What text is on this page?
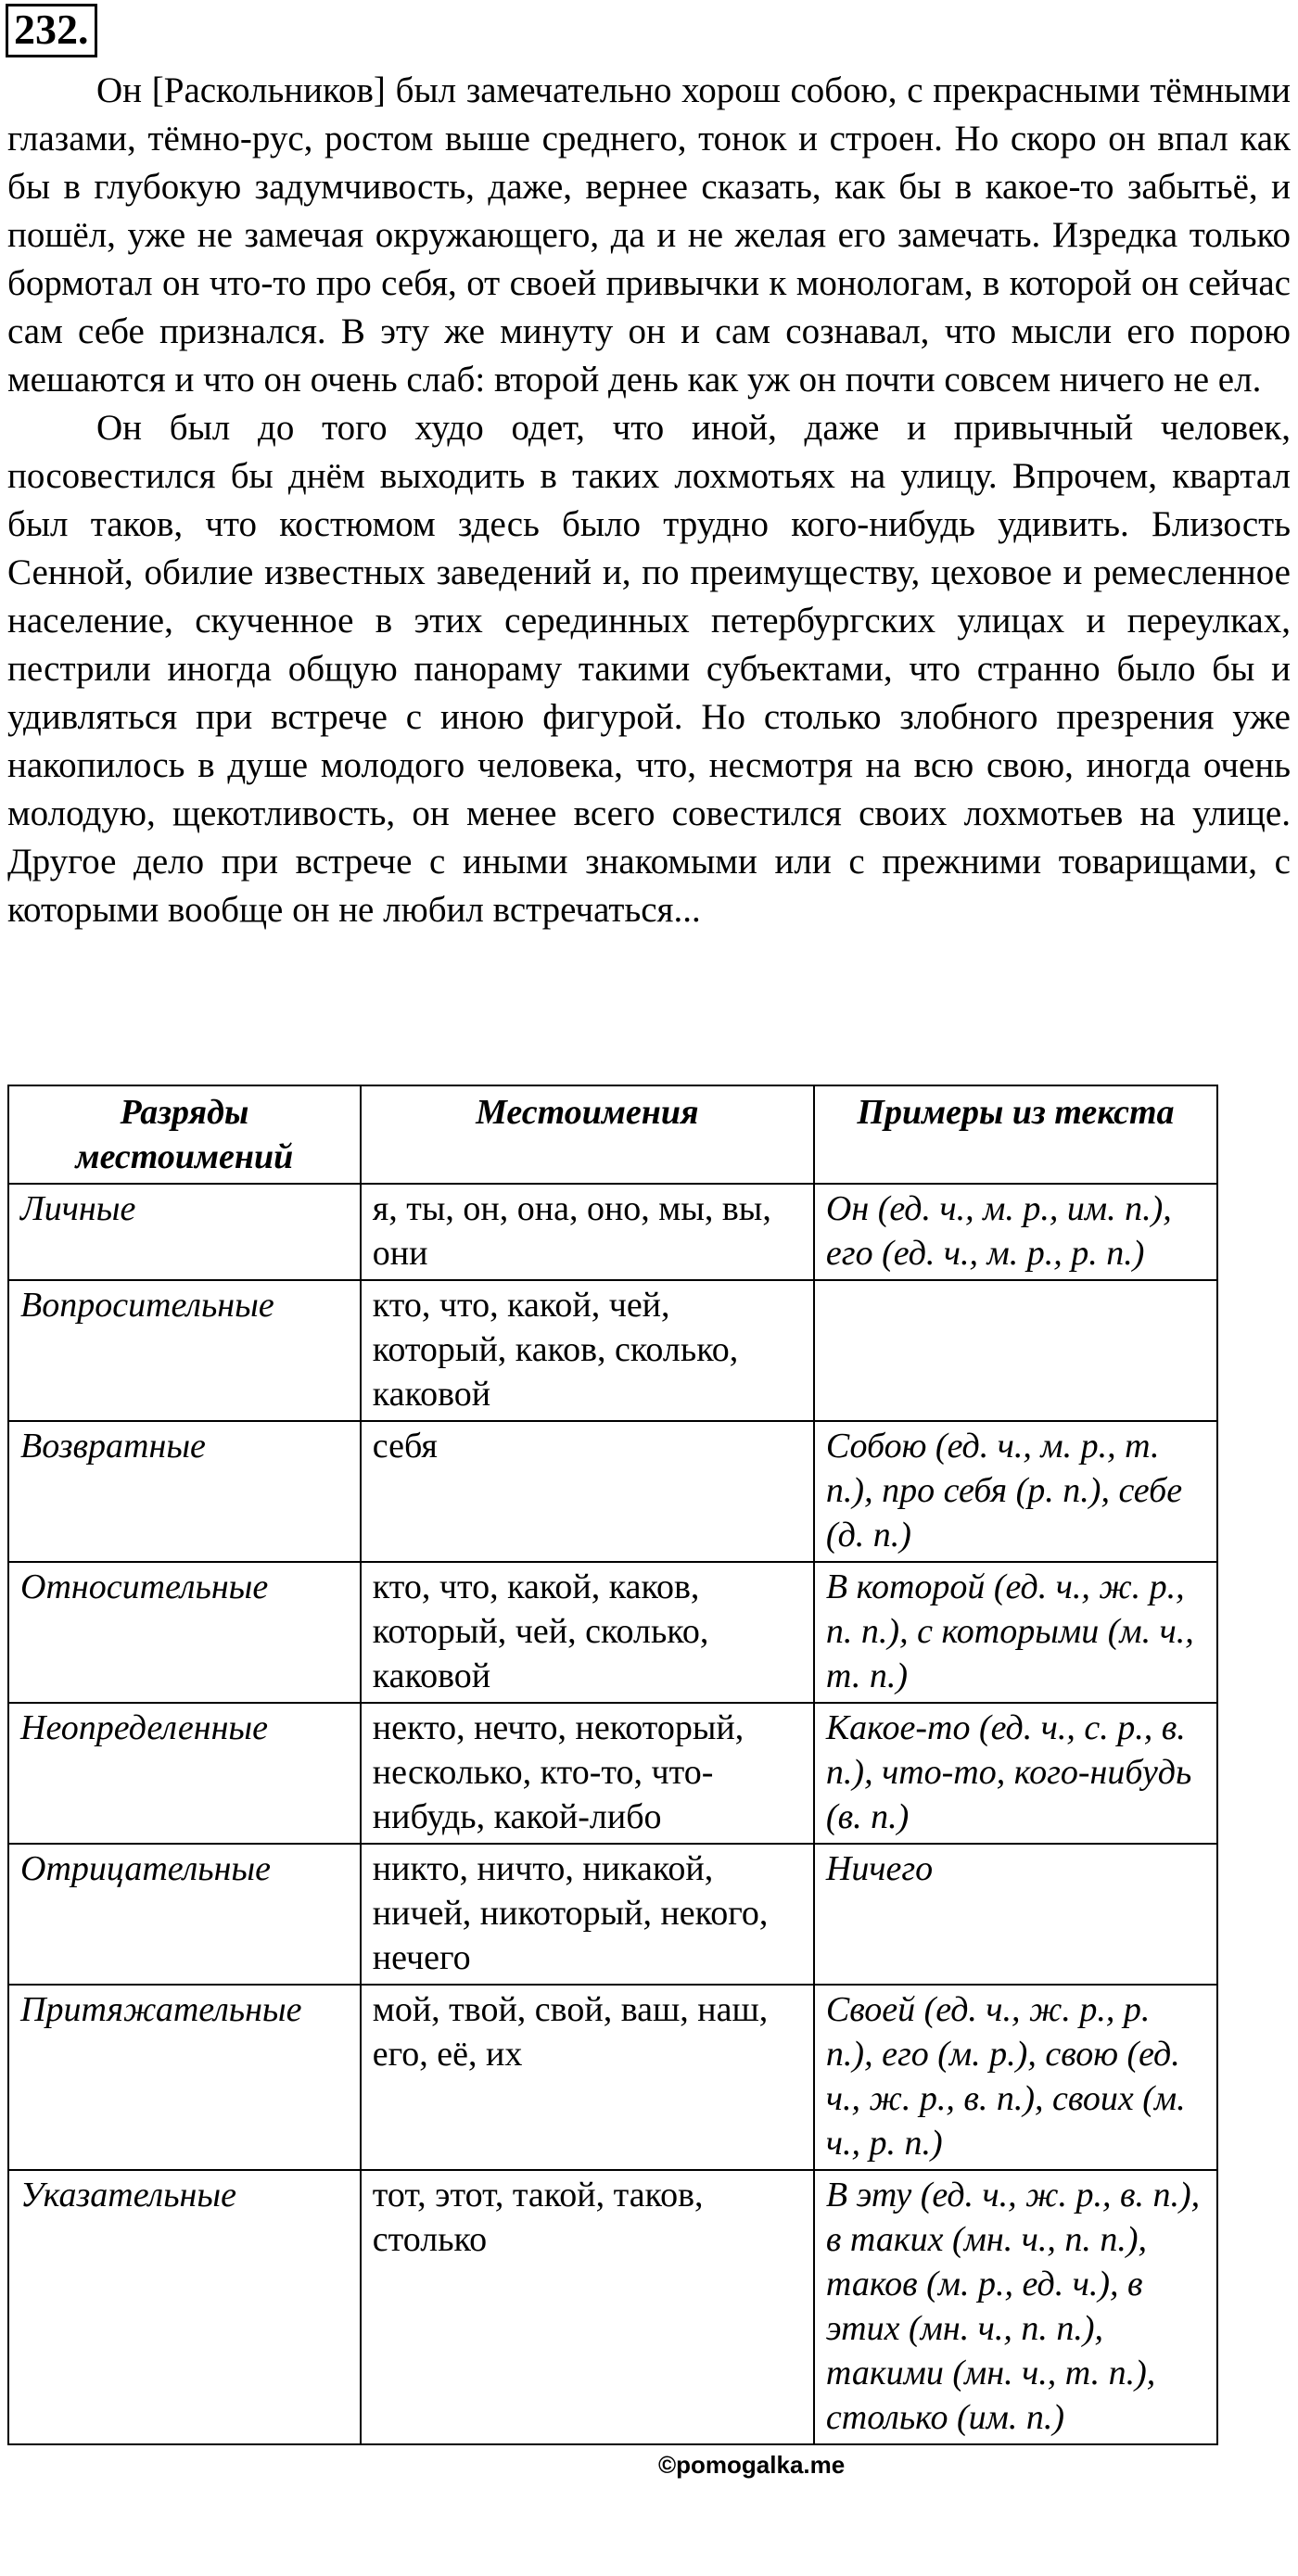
232.

Он [Раскольников] был замечательно хорош собою, с прекрасными тёмными глазами, тёмно-рус, ростом выше среднего, тонок и строен. Но скоро он впал как бы в глубокую задумчивость, даже, вернее сказать, как бы в какое-то забытьё, и пошёл, уже не замечая окружающего, да и не желая его замечать. Изредка только бормотал он что-то про себя, от своей привычки к монологам, в которой он сейчас сам себе признался. В эту же минуту он и сам сознавал, что мысли его порою мешаются и что он очень слаб: второй день как уж он почти совсем ничего не ел.

Он был до того худо одет, что иной, даже и привычный человек, посовестился бы днём выходить в таких лохмотьях на улицу. Впрочем, квартал был таков, что костюмом здесь было трудно кого-нибудь удивить. Близость Сенной, обилие известных заведений и, по преимуществу, цеховое и ремесленное население, скученное в этих серединных петербургских улицах и переулках, пестрили иногда общую панораму такими субъектами, что странно было бы и удивляться при встрече с иною фигурой. Но столько злобного презрения уже накопилось в душе молодого человека, что, несмотря на всю свою, иногда очень молодую, щекотливость, он менее всего совестился своих лохмотьев на улице. Другое дело при встрече с иными знакомыми или с прежними товарищами, с которыми вообще он не любил встречаться...

Разряды местоимений	Местоимения	Примеры из текста
Личные	я, ты, он, она, оно, мы, вы, они	Он (ед. ч., м. р., им. п.), его (ед. ч., м. р., р. п.)
Вопросительные	кто, что, какой, чей, который, каков, сколько, каковой	
Возвратные	себя	Собою (ед. ч., м. р., т. п.), про себя (р. п.), себе (д. п.)
Относительные	кто, что, какой, каков, который, чей, сколько, каковой	В которой (ед. ч., ж. р., п. п.), с которыми (м. ч., т. п.)
Неопределенные	некто, нечто, некоторый, несколько, кто-то, что-нибудь, какой-либо	Какое-то (ед. ч., с. р., в. п.), что-то, кого-нибудь (в. п.)
Отрицательные	никто, ничто, никакой, ничей, никоторый, некого, нечего	Ничего
Притяжательные	мой, твой, свой, ваш, наш, его, её, их	Своей (ед. ч., ж. р., р. п.), его (м. р.), свою (ед. ч., ж. р., в. п.), своих (м. ч., р. п.)
Указательные	тот, этот, такой, таков, столько	В эту (ед. ч., ж. р., в. п.), в таких (мн. ч., п. п.), таков (м. р., ед. ч.), в этих (мн. ч., п. п.), такими (мн. ч., т. п.), столько (им. п.)
©pomogalka.me
